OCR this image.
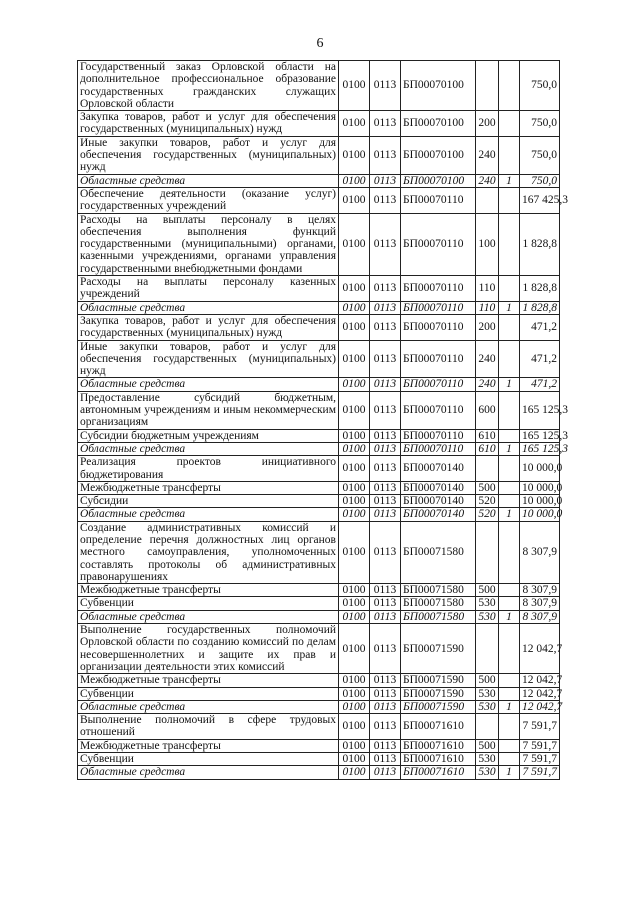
6
Государственный заказ Орловской области на дополнительное профессиональное образование государственных гражданских служащих Орловской области	0100	0113	БП00070100			750,0
Закупка товаров, работ и услуг для обеспечения государственных (муниципальных) нужд	0100	0113	БП00070100	200		750,0
Иные закупки товаров, работ и услуг для обеспечения государственных (муниципальных) нужд	0100	0113	БП00070100	240		750,0
Областные средства	0100	0113	БП00070100	240	1	750,0
Обеспечение деятельности (оказание услуг) государственных учреждений	0100	0113	БП00070110			167 425,3
Расходы на выплаты персоналу в целях обеспечения выполнения функций государственными (муниципальными) органами, казенными учреждениями, органами управления государственными внебюджетными фондами	0100	0113	БП00070110	100		1 828,8
Расходы на выплаты персоналу казенных учреждений	0100	0113	БП00070110	110		1 828,8
Областные средства	0100	0113	БП00070110	110	1	1 828,8
Закупка товаров, работ и услуг для обеспечения государственных (муниципальных) нужд	0100	0113	БП00070110	200		471,2
Иные закупки товаров, работ и услуг для обеспечения государственных (муниципальных) нужд	0100	0113	БП00070110	240		471,2
Областные средства	0100	0113	БП00070110	240	1	471,2
Предоставление субсидий бюджетным, автономным учреждениям и иным некоммерческим организациям	0100	0113	БП00070110	600		165 125,3
Субсидии бюджетным учреждениям	0100	0113	БП00070110	610		165 125,3
Областные средства	0100	0113	БП00070110	610	1	165 125,3
Реализация проектов инициативного бюджетирования	0100	0113	БП00070140			10 000,0
Межбюджетные трансферты	0100	0113	БП00070140	500		10 000,0
Субсидии	0100	0113	БП00070140	520		10 000,0
Областные средства	0100	0113	БП00070140	520	1	10 000,0
Создание административных комиссий и определение перечня должностных лиц органов местного самоуправления, уполномоченных составлять протоколы об административных правонарушениях	0100	0113	БП00071580			8 307,9
Межбюджетные трансферты	0100	0113	БП00071580	500		8 307,9
Субвенции	0100	0113	БП00071580	530		8 307,9
Областные средства	0100	0113	БП00071580	530	1	8 307,9
Выполнение государственных полномочий Орловской области по созданию комиссий по делам несовершеннолетних и защите их прав и организации деятельности этих комиссий	0100	0113	БП00071590			12 042,7
Межбюджетные трансферты	0100	0113	БП00071590	500		12 042,7
Субвенции	0100	0113	БП00071590	530		12 042,7
Областные средства	0100	0113	БП00071590	530	1	12 042,7
Выполнение полномочий в сфере трудовых отношений	0100	0113	БП00071610			7 591,7
Межбюджетные трансферты	0100	0113	БП00071610	500		7 591,7
Субвенции	0100	0113	БП00071610	530		7 591,7
Областные средства	0100	0113	БП00071610	530	1	7 591,7
